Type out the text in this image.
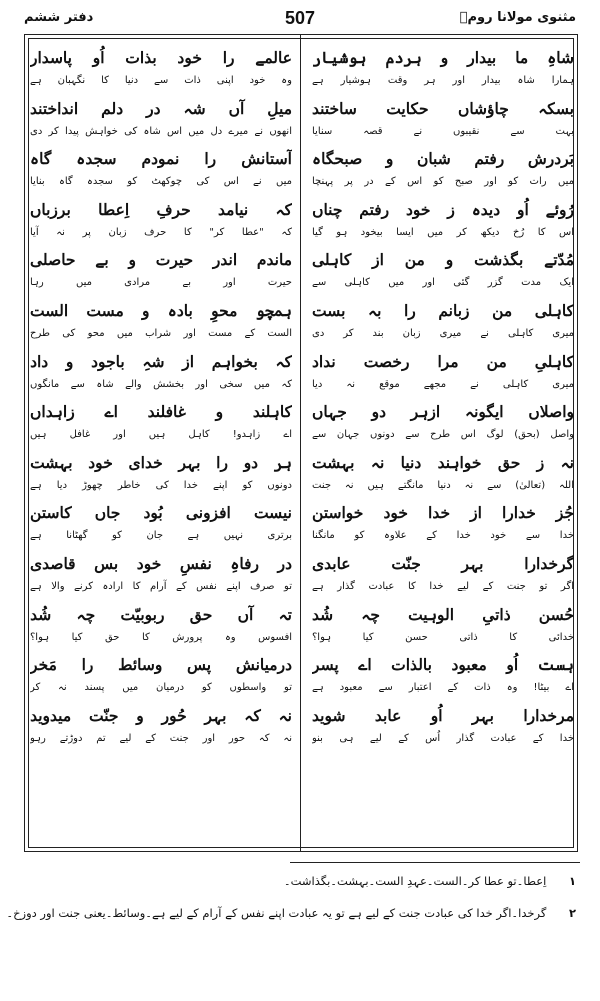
دفتر ششم	507	مثنوی مولانا رومؒ
شاہِ
ما
بیدار
و
ہردم
ہوشیار
ہمارا شاہ بیدار اور ہر وقت ہوشیار ہے
بسکہ
چاؤشاں
حکایت
ساختند
بہت سے نقیبوں نے قصہ سنایا
بَردرش
رفتم
شبان
و
صبحگاہ
میں رات کو اور صبح کو اس کے در پر پہنچا
رُوئے
اُو
دیدہ
ز
خود
رفتم
چناں
اس کا رُخ دیکھ کر میں ایسا بیخود ہو گیا
مُدّتے
بگذشت
و
من
از
کاہلی
ایک مدت گزر گئی اور میں کاہلی سے
کاہلی
من
زبانم
را
بہ
بست
میری کاہلی نے میری زبان بند کر دی
کاہلیِ
من
مرا
رخصت
نداد
میری کاہلی نے مجھے موقع نہ دیا
واصلاں
ایگونہ
ازہر
دو
جہاں
واصل (بحق) لوگ اس طرح سے دونوں جہان سے
نہ
ز
حق
خواہند
دنیا
نہ
بہشت
اللہ (تعالیٰ) سے نہ دنیا مانگتے ہیں نہ جنت
جُز
خدارا
از
خدا
خود
خواستن
خدا سے خود خدا کے علاوہ کو مانگنا
گرخدارا
بہر
جنّت
عابدی
اگر تو جنت کے لیے خدا کا عبادت گذار ہے
حُسن
ذاتیِ
الوہیت
چہ
شُد
خدائی کا ذاتی حسن کیا ہوا؟
ہست
اُو
معبود
بالذات
اے
پسر
اے بیٹا! وہ ذات کے اعتبار سے معبود ہے
مرخدارا
بہر
اُو
عابد
شوید
خدا کے عبادت گذار اُس کے لیے ہی بنو
عالمے
را
خود
بذات
اُو
پاسدار
وہ خود اپنی ذات سے دنیا کا نگہبان ہے
میلِ
آں
شہ
در
دلم
انداختند
انھوں نے میرے دل میں اس شاہ کی خواہش پیدا کر دی
آستانش
را
نمودم
سجدہ
گاہ
میں نے اس کی چوکھٹ کو سجدہ گاہ بنایا
کہ
نیامد
حرفِ
اِعطا
برزباں
کہ "عطا کر" کا حرف زبان پر نہ آیا
ماندم
اندر
حیرت
و
بے
حاصلی
حیرت اور بے مرادی میں رہا
ہمچو
محوِ
بادہ
و
مست
الست
الست کے مست اور شراب میں محو کی طرح
کہ
بخواہم
از
شہِ
باجود
و
داد
کہ میں سخی اور بخشش والے شاہ سے مانگوں
کاہلند
و
غافلند
اے
زاہداں
اے زاہدو! کاہل ہیں اور غافل ہیں
ہر
دو
را
بہر
خدای
خود
بہشت
دونوں کو اپنے خدا کی خاطر چھوڑ دیا ہے
نیست
افزونی
بُود
جاں
کاستن
برتری نہیں ہے جان کو گھٹانا ہے
در
رفاہِ
نفسِ
خود
بس
قاصدی
تو صرف اپنے نفس کے آرام کا ارادہ کرنے والا ہے
تہ
آں
حق
ربوبیّت
چہ
شُد
افسوس وہ پرورش کا حق کیا ہوا؟
درمیانش
پس
وسائط
را
مَخر
تو واسطوں کو درمیان میں پسند نہ کر
نہ
کہ
بہر
حُور
و
جنّت
میدوید
نہ کہ حور اور جنت کے لیے تم دوڑتے رہو
۱ اِعطا۔تو عطا کر۔الست۔عہدِ الست۔بہشت۔بگذاشت۔
۲ گرخدا۔اگر خدا کی عبادت جنت کے لیے ہے تو یہ عبادت اپنے نفس کے آرام کے لیے ہے۔وسائط۔یعنی جنت اور دوزخ۔
